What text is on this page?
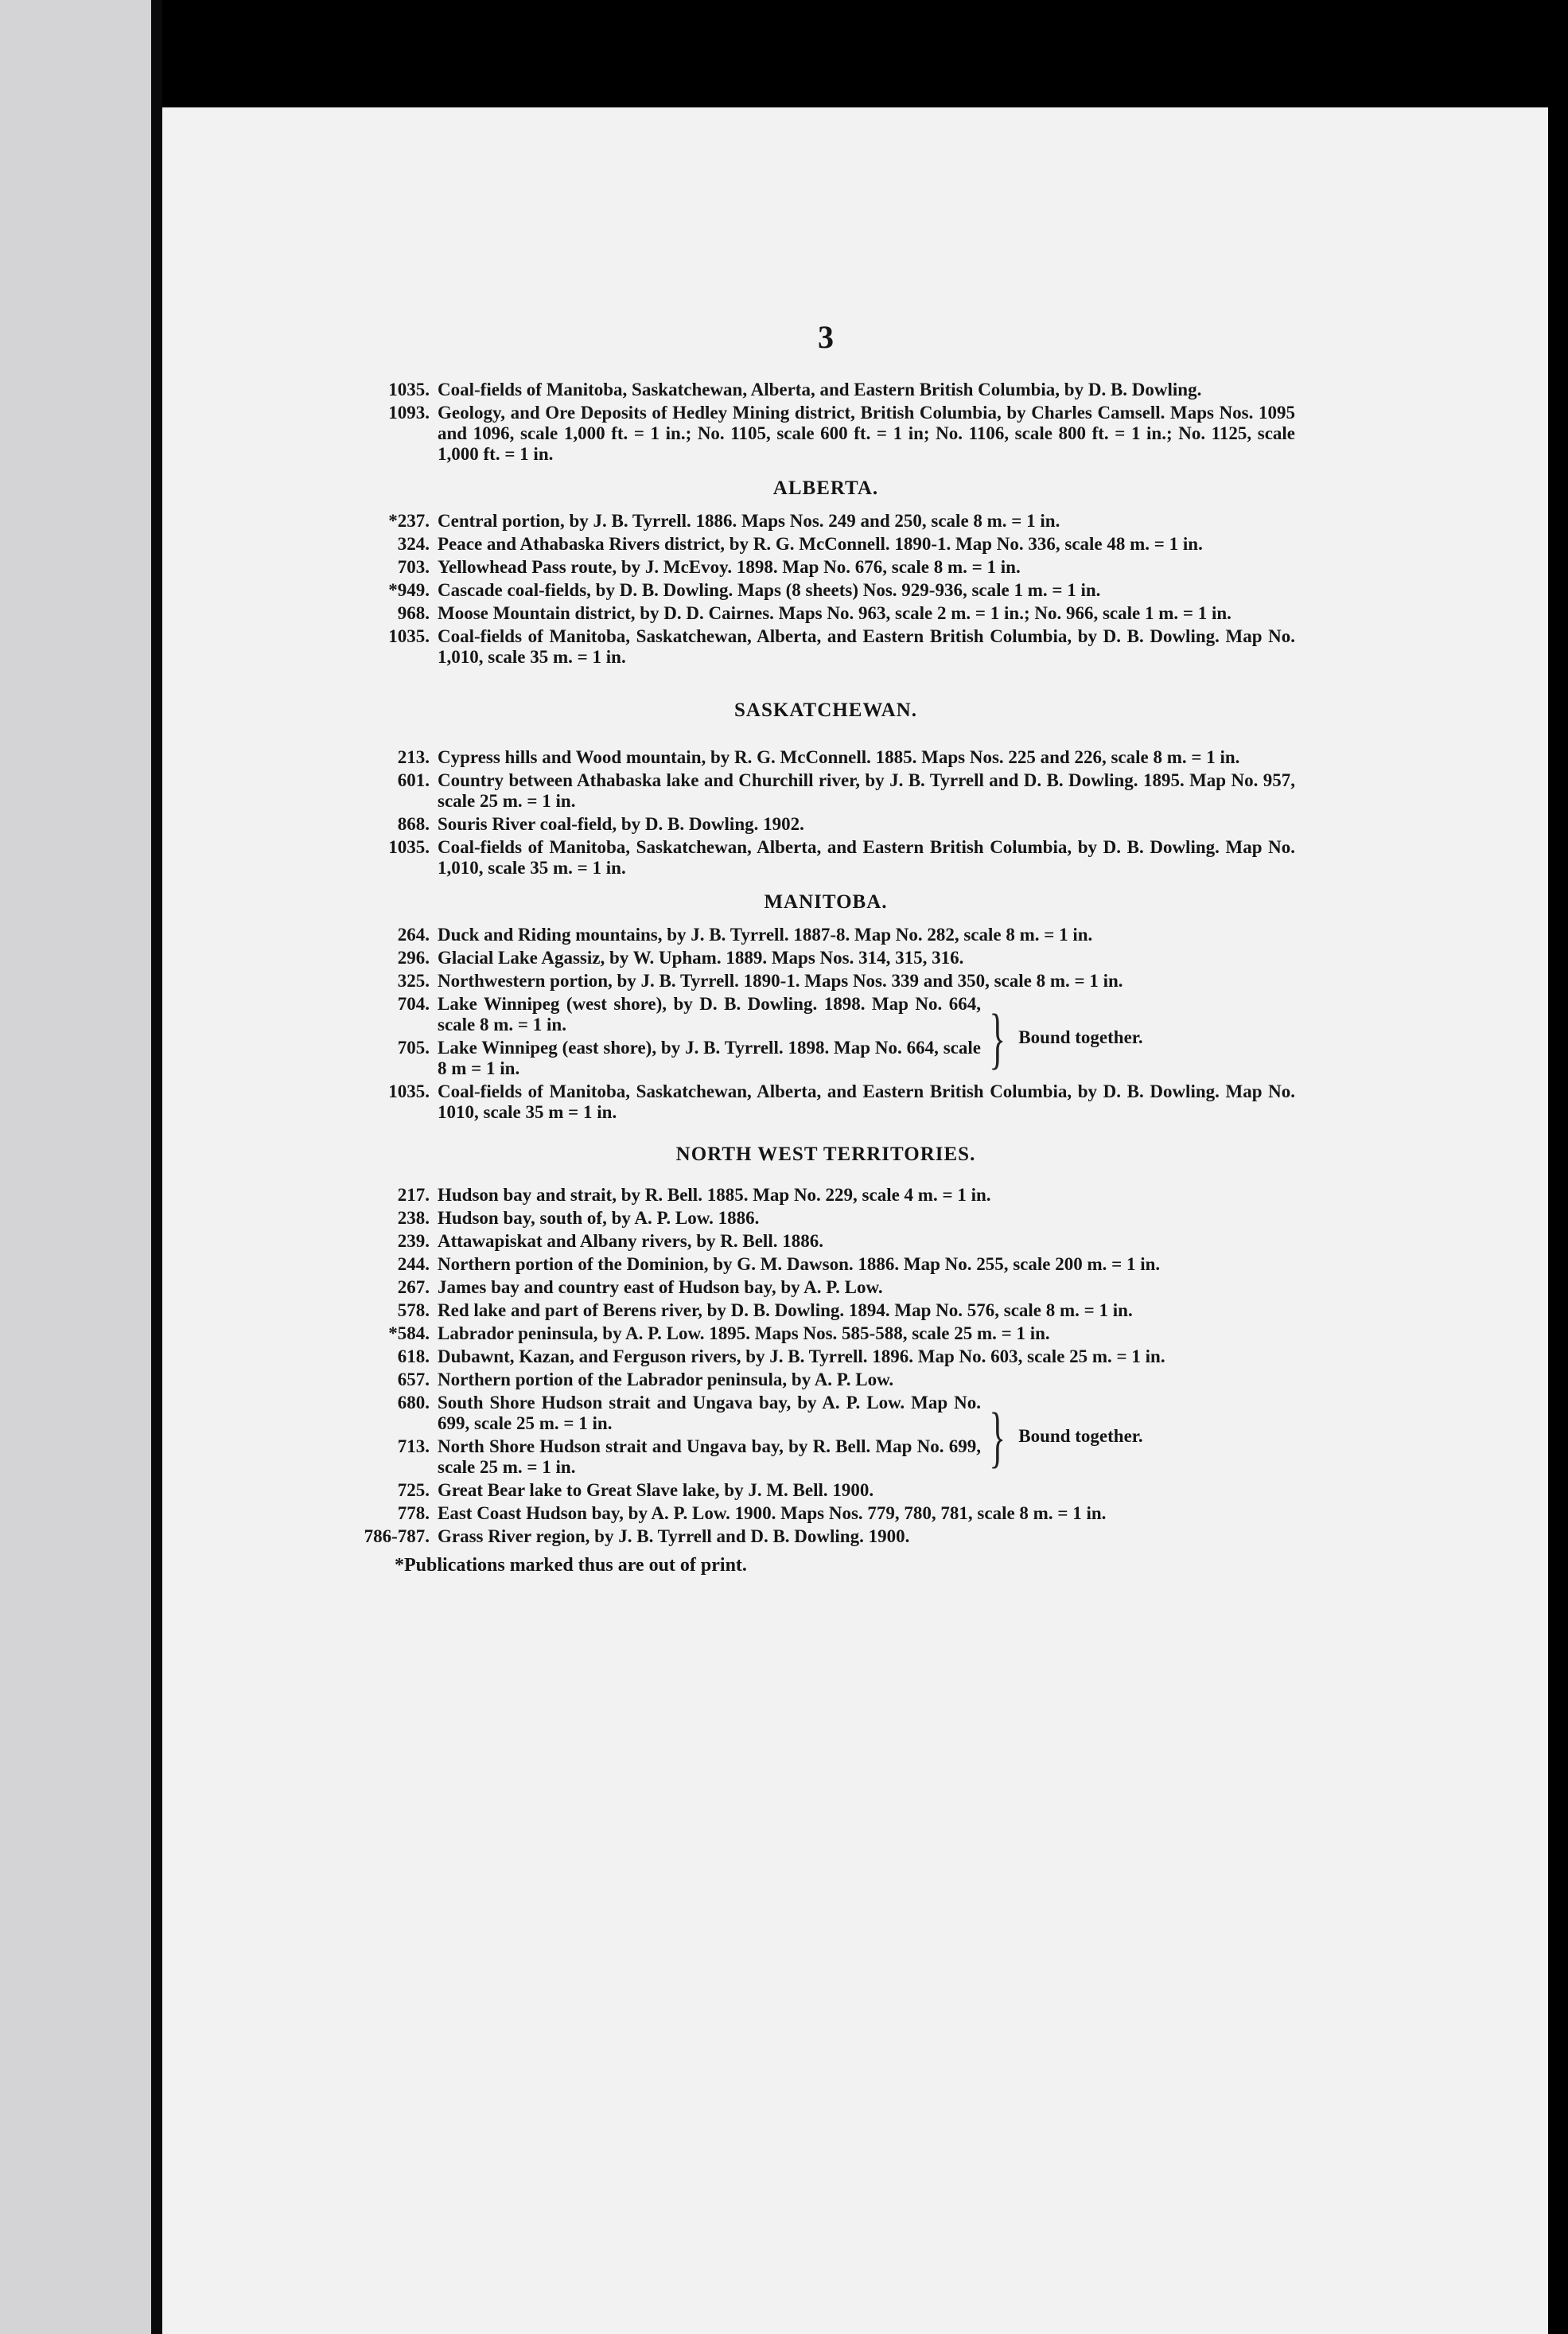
3
1035. Coal-fields of Manitoba, Saskatchewan, Alberta, and Eastern British Columbia, by D. B. Dowling.
1093. Geology, and Ore Deposits of Hedley Mining district, British Columbia, by Charles Camsell. Maps Nos. 1095 and 1096, scale 1,000 ft. = 1 in.; No. 1105, scale 600 ft. = 1 in; No. 1106, scale 800 ft. = 1 in.; No. 1125, scale 1,000 ft. = 1 in.
ALBERTA.
*237. Central portion, by J. B. Tyrrell. 1886. Maps Nos. 249 and 250, scale 8 m. = 1 in.
324. Peace and Athabaska Rivers district, by R. G. McConnell. 1890-1. Map No. 336, scale 48 m. = 1 in.
703. Yellowhead Pass route, by J. McEvoy. 1898. Map No. 676, scale 8 m. = 1 in.
*949. Cascade coal-fields, by D. B. Dowling. Maps (8 sheets) Nos. 929-936, scale 1 m. = 1 in.
968. Moose Mountain district, by D. D. Cairnes. Maps No. 963, scale 2 m. = 1 in.; No. 966, scale 1 m. = 1 in.
1035. Coal-fields of Manitoba, Saskatchewan, Alberta, and Eastern British Columbia, by D. B. Dowling. Map No. 1,010, scale 35 m. = 1 in.
SASKATCHEWAN.
213. Cypress hills and Wood mountain, by R. G. McConnell. 1885. Maps Nos. 225 and 226, scale 8 m. = 1 in.
601. Country between Athabaska lake and Churchill river, by J. B. Tyrrell and D. B. Dowling. 1895. Map No. 957, scale 25 m. = 1 in.
868. Souris River coal-field, by D. B. Dowling. 1902.
1035. Coal-fields of Manitoba, Saskatchewan, Alberta, and Eastern British Columbia, by D. B. Dowling. Map No. 1,010, scale 35 m. = 1 in.
MANITOBA.
264. Duck and Riding mountains, by J. B. Tyrrell. 1887-8. Map No. 282, scale 8 m. = 1 in.
296. Glacial Lake Agassiz, by W. Upham. 1889. Maps Nos. 314, 315, 316.
325. Northwestern portion, by J. B. Tyrrell. 1890-1. Maps Nos. 339 and 350, scale 8 m. = 1 in.
704. Lake Winnipeg (west shore), by D. B. Dowling. 1898. Map No. 664, scale 8 m. = 1 in.
705. Lake Winnipeg (east shore), by J. B. Tyrrell. 1898. Map No. 664, scale 8 m = 1 in.	} Bound together.
1035. Coal-fields of Manitoba, Saskatchewan, Alberta, and Eastern British Columbia, by D. B. Dowling. Map No. 1010, scale 35 m = 1 in.
NORTH WEST TERRITORIES.
217. Hudson bay and strait, by R. Bell. 1885. Map No. 229, scale 4 m. = 1 in.
238. Hudson bay, south of, by A. P. Low. 1886.
239. Attawapiskat and Albany rivers, by R. Bell. 1886.
244. Northern portion of the Dominion, by G. M. Dawson. 1886. Map No. 255, scale 200 m. = 1 in.
267. James bay and country east of Hudson bay, by A. P. Low.
578. Red lake and part of Berens river, by D. B. Dowling. 1894. Map No. 576, scale 8 m. = 1 in.
*584. Labrador peninsula, by A. P. Low. 1895. Maps Nos. 585-588, scale 25 m. = 1 in.
618. Dubawnt, Kazan, and Ferguson rivers, by J. B. Tyrrell. 1896. Map No. 603, scale 25 m. = 1 in.
657. Northern portion of the Labrador peninsula, by A. P. Low.
680. South Shore Hudson strait and Ungava bay, by A. P. Low. Map No. 699, scale 25 m. = 1 in.
713. North Shore Hudson strait and Ungava bay, by R. Bell. Map No. 699, scale 25 m. = 1 in.	} Bound together.
725. Great Bear lake to Great Slave lake, by J. M. Bell. 1900.
778. East Coast Hudson bay, by A. P. Low. 1900. Maps Nos. 779, 780, 781, scale 8 m. = 1 in.
786-787. Grass River region, by J. B. Tyrrell and D. B. Dowling. 1900.
*Publications marked thus are out of print.
